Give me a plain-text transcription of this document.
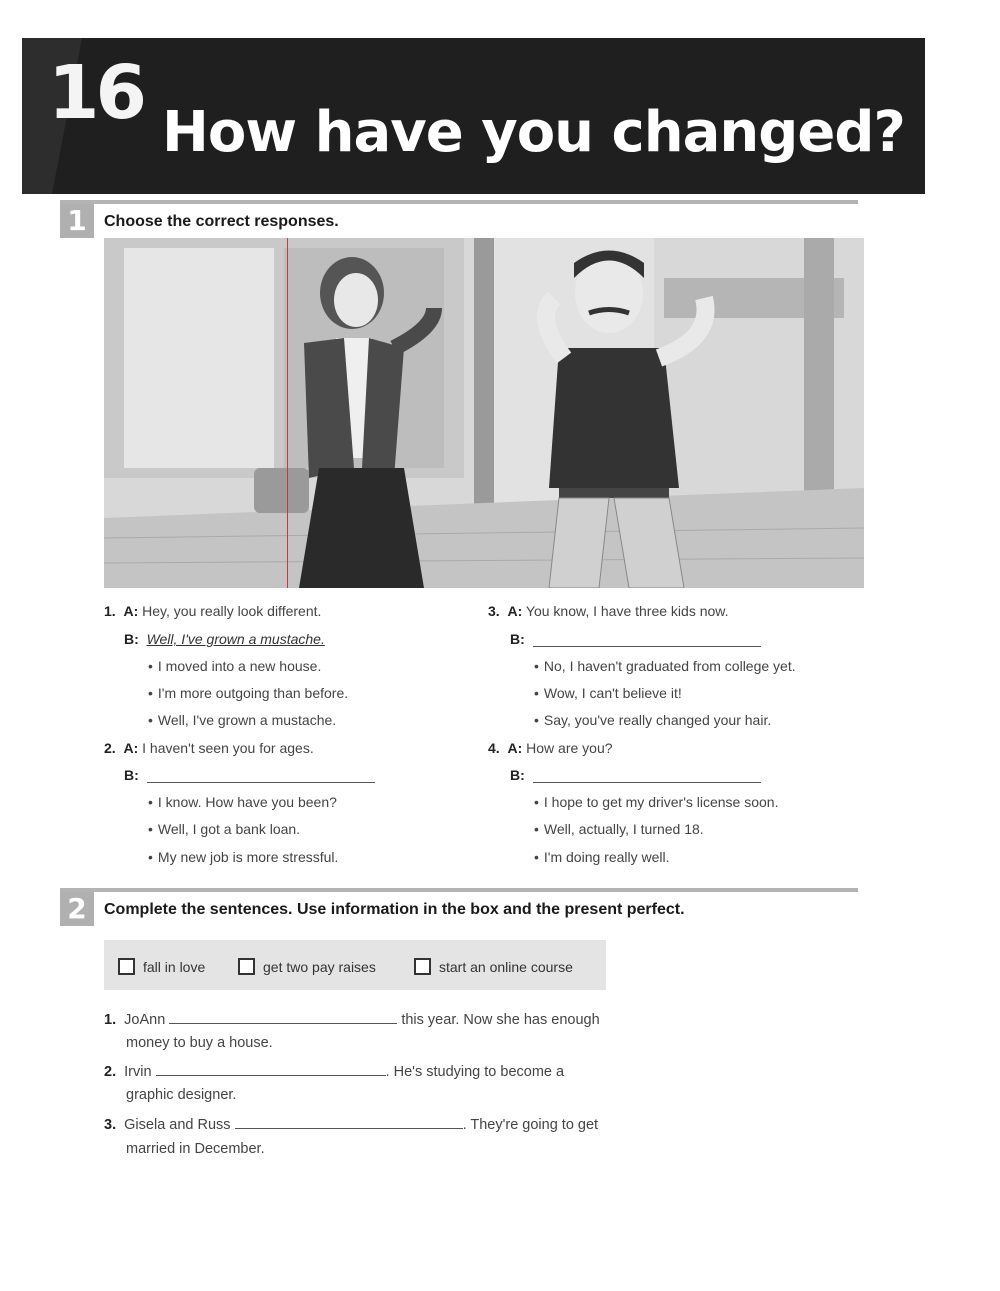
16 How have you changed?
1	Choose the correct responses.
1. A: Hey, you really look different.
B: Well, I've grown a mustache.
• I moved into a new house.
• I'm more outgoing than before.
• Well, I've grown a mustache.
2. A: I haven't seen you for ages.
B:
• I know. How have you been?
• Well, I got a bank loan.
• My new job is more stressful.
3. A: You know, I have three kids now.
B:
• No, I haven't graduated from college yet.
• Wow, I can't believe it!
• Say, you've really changed your hair.
4. A: How are you?
B:
• I hope to get my driver's license soon.
• Well, actually, I turned 18.
• I'm doing really well.
2	Complete the sentences. Use information in the box and the present perfect.
fall in love	get two pay raises	start an online course
1. JoAnn	this year. Now she has enough
money to buy a house.
2. Irvin	. He's studying to become a
graphic designer.
3. Gisela and Russ	. They're going to get
married in December.
